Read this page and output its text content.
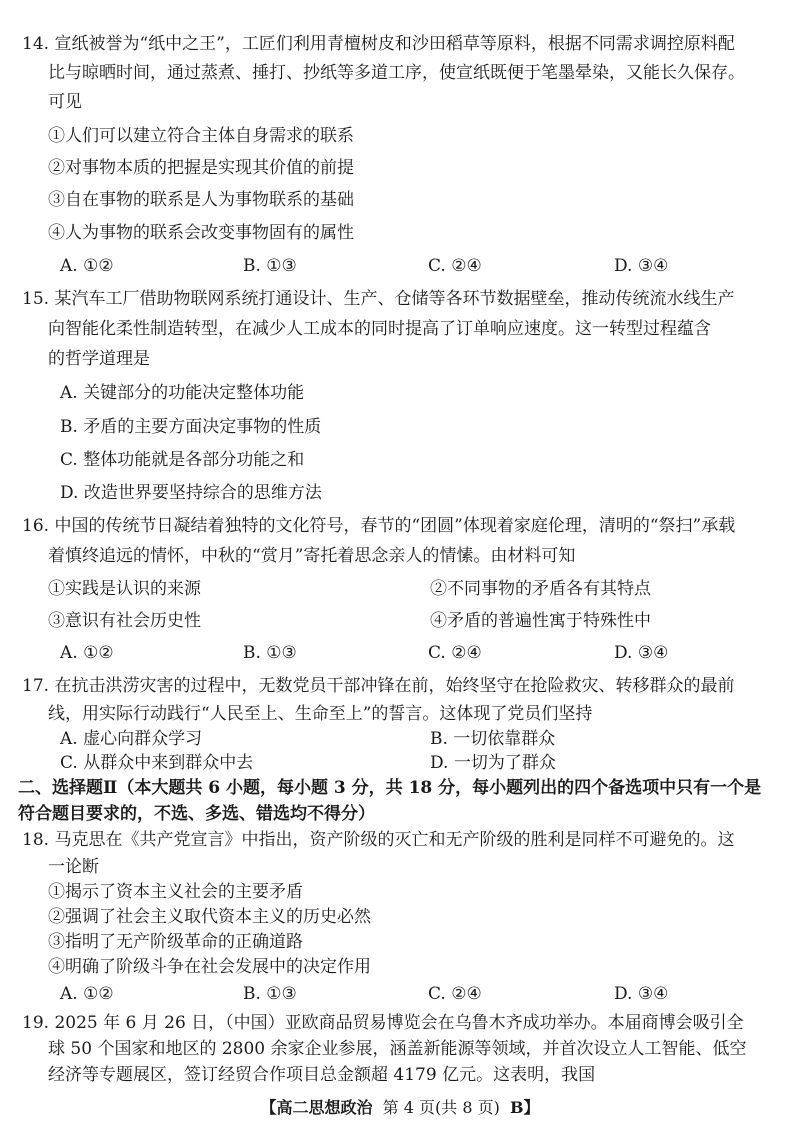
14. 宣纸被誉为“纸中之王”，工匠们利用青檀树皮和沙田稻草等原料，根据不同需求调控原料配
比与晾晒时间，通过蒸煮、捶打、抄纸等多道工序，使宣纸既便于笔墨晕染，又能长久保存。
可见
①人们可以建立符合主体自身需求的联系
②对事物本质的把握是实现其价值的前提
③自在事物的联系是人为事物联系的基础
④人为事物的联系会改变事物固有的属性
A. ①②	B. ①③	C. ②④	D. ③④
15. 某汽车工厂借助物联网系统打通设计、生产、仓储等各环节数据壁垒，推动传统流水线生产
向智能化柔性制造转型，在减少人工成本的同时提高了订单响应速度。这一转型过程蕴含
的哲学道理是
A. 关键部分的功能决定整体功能
B. 矛盾的主要方面决定事物的性质
C. 整体功能就是各部分功能之和
D. 改造世界要坚持综合的思维方法
16. 中国的传统节日凝结着独特的文化符号，春节的“团圆”体现着家庭伦理，清明的“祭扫”承载
着慎终追远的情怀，中秋的“赏月”寄托着思念亲人的情愫。由材料可知
①实践是认识的来源	②不同事物的矛盾各有其特点
③意识有社会历史性	④矛盾的普遍性寓于特殊性中
A. ①②	B. ①③	C. ②④	D. ③④
17. 在抗击洪涝灾害的过程中，无数党员干部冲锋在前，始终坚守在抢险救灾、转移群众的最前
线，用实际行动践行“人民至上、生命至上”的誓言。这体现了党员们坚持
A. 虚心向群众学习	B. 一切依靠群众
C. 从群众中来到群众中去	D. 一切为了群众
二、选择题Ⅱ（本大题共 6 小题，每小题 3 分，共 18 分，每小题列出的四个备选项中只有一个是
符合题目要求的，不选、多选、错选均不得分）
18. 马克思在《共产党宣言》中指出，资产阶级的灭亡和无产阶级的胜利是同样不可避免的。这
一论断
①揭示了资本主义社会的主要矛盾
②强调了社会主义取代资本主义的历史必然
③指明了无产阶级革命的正确道路
④明确了阶级斗争在社会发展中的决定作用
A. ①②	B. ①③	C. ②④	D. ③④
19. 2025 年 6 月 26 日，（中国）亚欧商品贸易博览会在乌鲁木齐成功举办。本届商博会吸引全
球 50 个国家和地区的 2800 余家企业参展，涵盖新能源等领域，并首次设立人工智能、低空
经济等专题展区，签订经贸合作项目总金额超 4179 亿元。这表明，我国
【高二思想政治 第 4 页(共 8 页) B】
